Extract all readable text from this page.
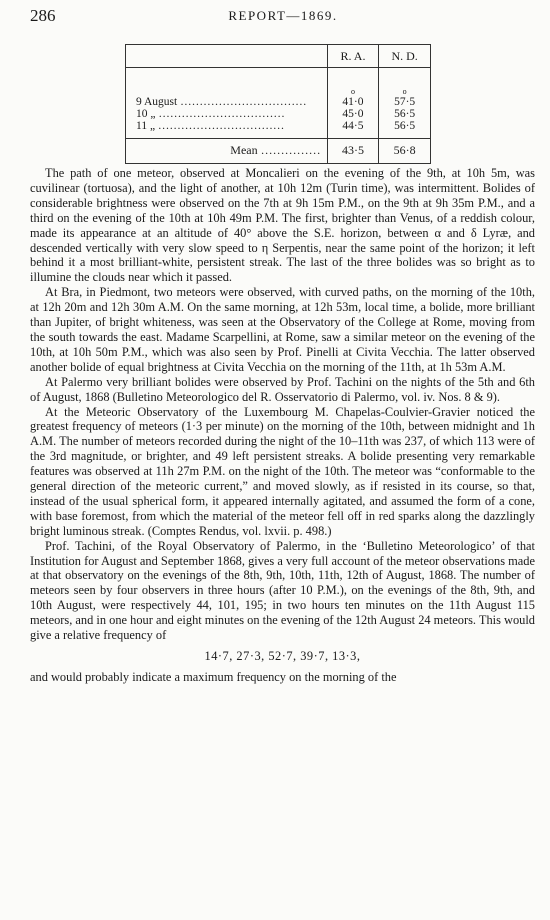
286	REPORT—1869.
	R. A.	N. D.
	o	o
9 August ……………………………	41·0	57·5
10 „ ……………………………	45·0	56·5
11 „ ……………………………	44·5	56·5

Mean ……………	43·5	56·8

The path of one meteor, observed at Moncalieri on the evening of the 9th, at 10h 5m, was cuvilinear (tortuosa), and the light of another, at 10h 12m (Turin time), was intermittent. Bolides of considerable brightness were observed on the 7th at 9h 15m P.M., on the 9th at 9h 35m P.M., and a third on the evening of the 10th at 10h 49m P.M. The first, brighter than Venus, of a reddish colour, made its appearance at an altitude of 40° above the S.E. horizon, between α and δ Lyræ, and descended vertically with very slow speed to η Serpentis, near the same point of the horizon; it left behind it a most brilliant-white, persistent streak. The last of the three bolides was so bright as to illumine the clouds near which it passed.

At Bra, in Piedmont, two meteors were observed, with curved paths, on the morning of the 10th, at 12h 20m and 12h 30m A.M. On the same morning, at 12h 53m, local time, a bolide, more brilliant than Jupiter, of bright whiteness, was seen at the Observatory of the College at Rome, moving from the south towards the east. Madame Scarpellini, at Rome, saw a similar meteor on the evening of the 10th, at 10h 50m P.M., which was also seen by Prof. Pinelli at Civita Vecchia. The latter observed another bolide of equal brightness at Civita Vecchia on the morning of the 11th, at 1h 53m A.M.

At Palermo very brilliant bolides were observed by Prof. Tachini on the nights of the 5th and 6th of August, 1868 (Bulletino Meteorologico del R. Osservatorio di Palermo, vol. iv. Nos. 8 & 9).

At the Meteoric Observatory of the Luxembourg M. Chapelas-Coulvier-Gravier noticed the greatest frequency of meteors (1·3 per minute) on the morning of the 10th, between midnight and 1h A.M. The number of meteors recorded during the night of the 10–11th was 237, of which 113 were of the 3rd magnitude, or brighter, and 49 left persistent streaks. A bolide presenting very remarkable features was observed at 11h 27m P.M. on the night of the 10th. The meteor was “conformable to the general direction of the meteoric current,” and moved slowly, as if resisted in its course, so that, instead of the usual spherical form, it appeared internally agitated, and assumed the form of a cone, with base foremost, from which the material of the meteor fell off in red sparks along the dazzlingly bright luminous streak. (Comptes Rendus, vol. lxvii. p. 498.)

Prof. Tachini, of the Royal Observatory of Palermo, in the ‘Bulletino Meteorologico’ of that Institution for August and September 1868, gives a very full account of the meteor observations made at that observatory on the evenings of the 8th, 9th, 10th, 11th, 12th of August, 1868. The number of meteors seen by four observers in three hours (after 10 P.M.), on the evenings of the 8th, 9th, and 10th August, were respectively 44, 101, 195; in two hours ten minutes on the 11th August 115 meteors, and in one hour and eight minutes on the evening of the 12th August 24 meteors. This would give a relative frequency of

14·7, 27·3, 52·7, 39·7, 13·3,

and would probably indicate a maximum frequency on the morning of the
